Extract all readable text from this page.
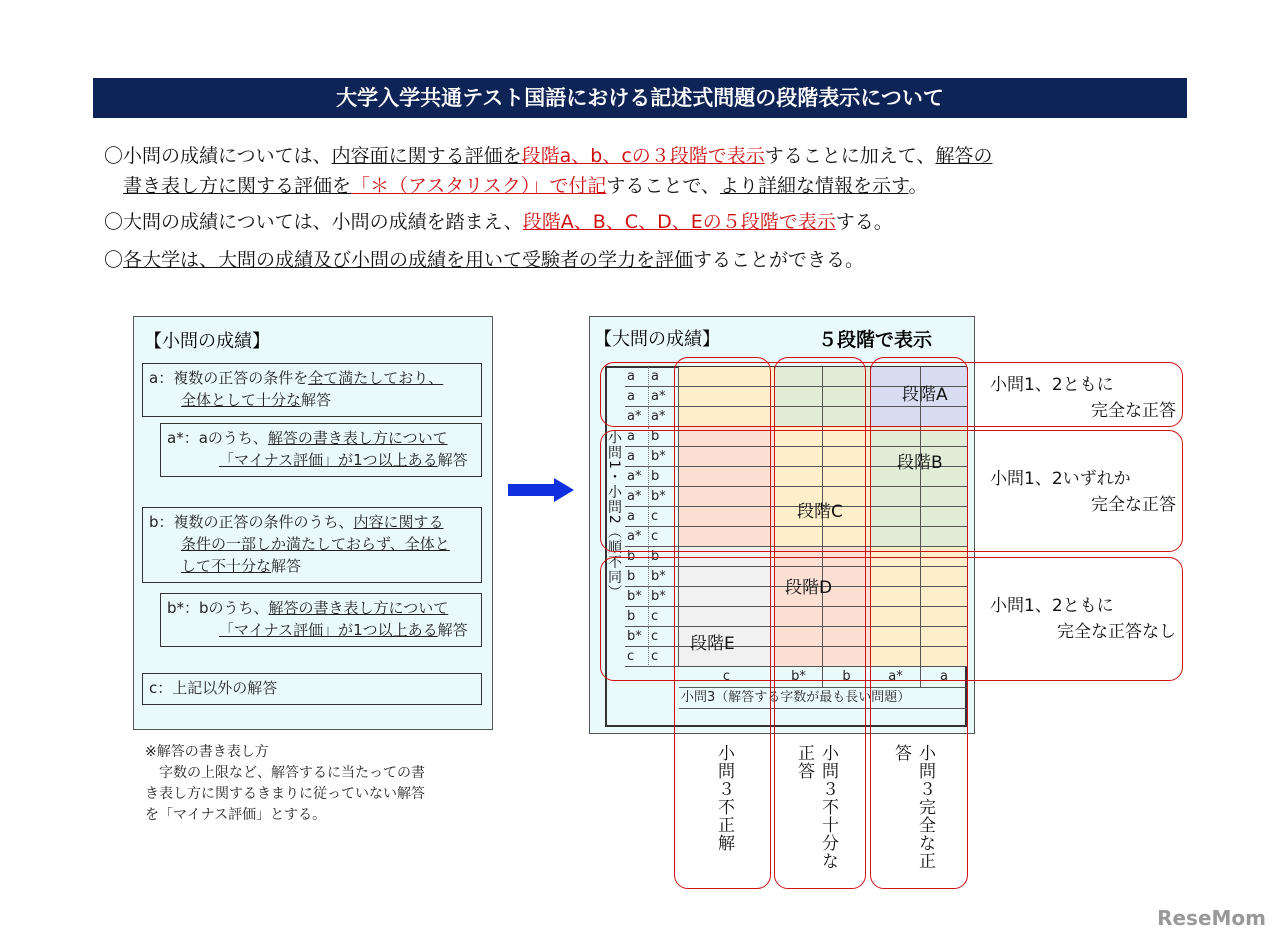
大学入学共通テスト国語における記述式問題の段階表示について
【小問の成績】
a：複数の正答の条件を全て満たしており、
全体として十分な解答
a*：aのうち、解答の書き表し方について
「マイナス評価」が1つ以上ある解答
b：複数の正答の条件のうち、内容に関する
条件の一部しか満たしておらず、全体と
して不十分な解答
b*：bのうち、解答の書き表し方について
「マイナス評価」が1つ以上ある解答
c：上記以外の解答
※解答の書き表し方
　字数の上限など、解答するに当たっての書
き表し方に関するきまりに従っていない解答
を「マイナス評価」とする。
【大問の成績】	５段階で表示
a	a
a	a*
a* a*
a	b
a	b*
a* b
a* b*
a	c
a* c
b	b
b	b*
b* b*
b	c
b* c
c	c
c	b*	b	a*	a
小問3（解答する字数が最も長い問題）
小問1・小問2（順不同）
ReseMom
〇小問の成績については、内容面に関する評価を段階a、b、cの３段階で表示することに加えて、解答の
　書き表し方に関する評価を「＊（アスタリスク）」で付記することで、より詳細な情報を示す。
〇大問の成績については、小問の成績を踏まえ、段階A、B、C、D、Eの５段階で表示する。
〇各大学は、大問の成績及び小問の成績を用いて受験者の学力を評価することができる。
段階A
段階B
段階C
段階D
段階E
小問1、2ともに
完全な正答
小問1、2いずれか
完全な正答
小問1、2ともに
完全な正答なし
小問３不正解	小問３不十分な正答	小問３完全な正答
